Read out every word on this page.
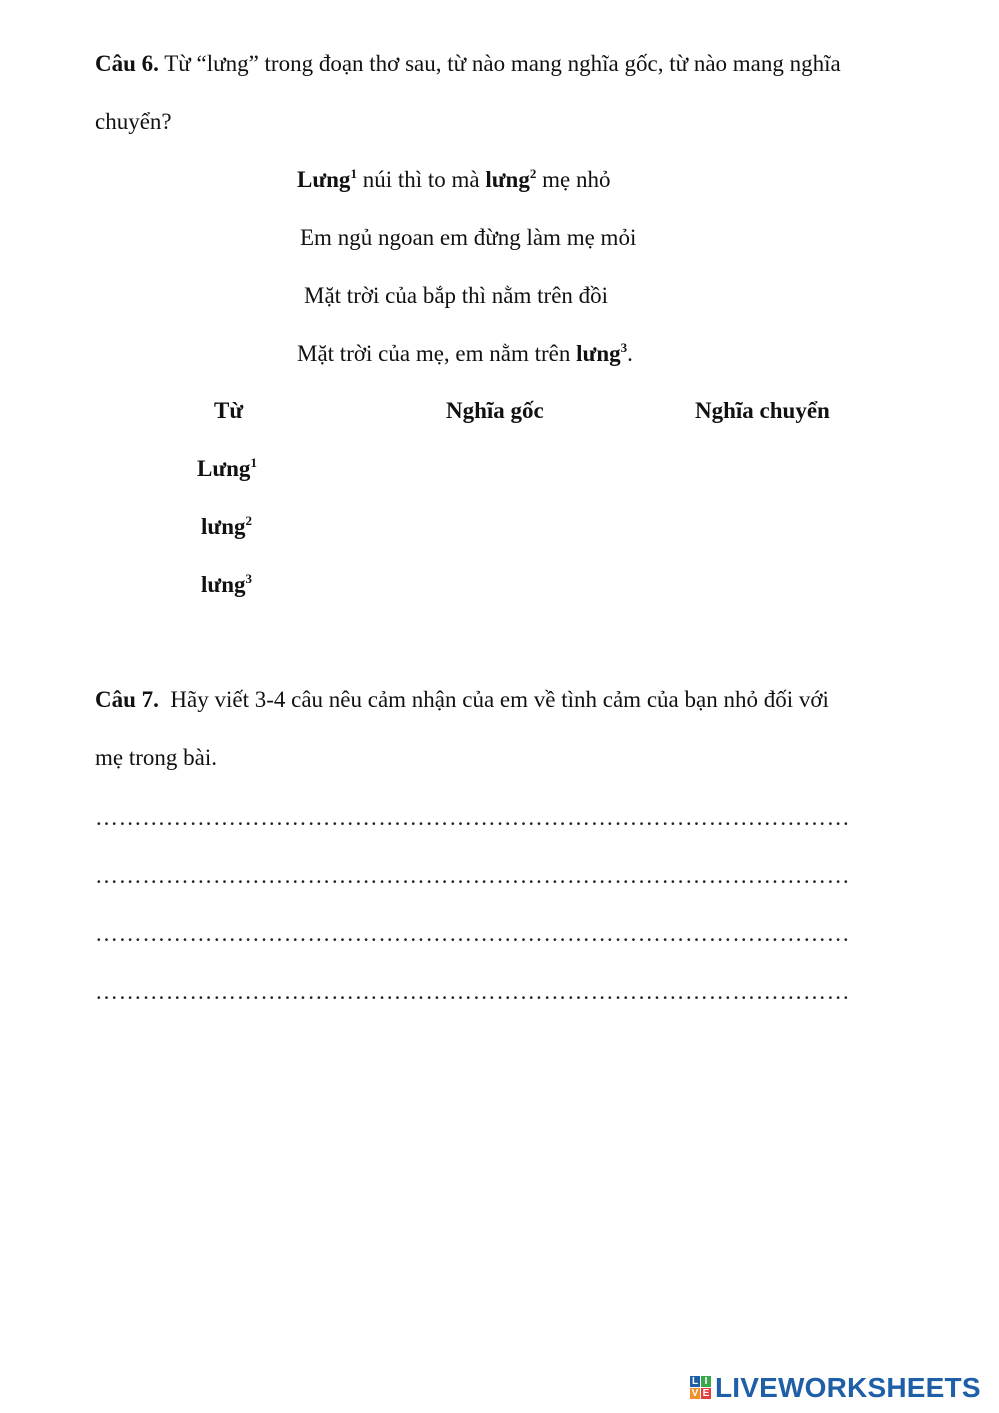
Câu 6. Từ “lưng” trong đoạn thơ sau, từ nào mang nghĩa gốc, từ nào mang nghĩa
chuyển?
Lưng$^1$ núi thì to mà lưng$^2$ mẹ nhỏ
Em ngủ ngoan em đừng làm mẹ mỏi
Mặt trời của bắp thì nằm trên đồi
Mặt trời của mẹ, em nằm trên lưng$^3$.
Từ	Nghĩa gốc	Nghĩa chuyển
Lưng$^1$
lưng$^2$
lưng$^3$
Câu 7.  Hãy viết 3-4 câu nêu cảm nhận của em về tình cảm của bạn nhỏ đối với
mẹ trong bài.
……………………………………………………………………………………
……………………………………………………………………………………
……………………………………………………………………………………
……………………………………………………………………………………
L I
V E LIVEWORKSHEETS
